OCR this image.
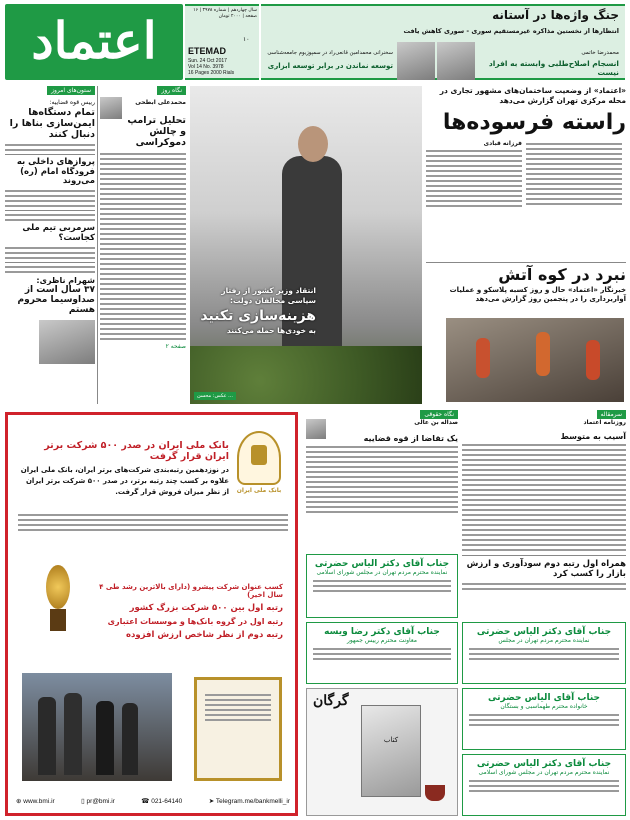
اعتماد
سال چهاردهم | شماره ۳۹۷۸ | ۱۶ صفحه | ۲۰۰۰ تومان
۱۰
ETEMAD
Sun. 24 Oct 2017
Vol 14 No. 3978
16 Pages 2000 Rials
جنگ واژه‌ها در آستانه
انتظارها از نخستین مذاکره غیرمستقیم سوری - سوری کاهش یافت
محمدرضا خاتمی
انسجام اصلاح‌طلبی وابسته به افراد نیست
سخنرانی محمدامین قانعی‌راد در سمپوزیوم جامعه‌شناسی
توسعه نماندن در برابر توسعه ابزاری
ستون‌های امروز
رییس قوه قضاییه:
تمام دستگاه‌ها ایمن‌سازی بناها را دنبال کنند
پروازهای داخلی به فرودگاه امام (ره) می‌روند
سرمربی تیم ملی کجاست؟
شهرام ناظری:
۳۷ سال است از صداوسیما محروم هستم
نگاه روز
محمدعلی ابطحی
تحلیل ترامپ و چالش دموکراسی
صفحه ۲
انتقاد وزیر کشور از رفتار سیاسی مخالفان دولت:
هزینه‌سازی تکنید
به خودی‌ها حمله می‌کنند
عکس: محسن ...
«اعتماد» از وضعیت ساختمان‌های مشهور تجاری در محله مرکزی تهران گزارش می‌دهد
راسته فرسوده‌ها
فرزانه قبادی
نبرد در کوه آتش
خبرنگار «اعتماد» حال و روز کسبه پلاسکو و عملیات آواربرداری را در پنجمین روز گزارش می‌دهد
بانک ملی ایران
بانک ملی ایران در صدر ۵۰۰ شرکت برتر ایران قرار گرفت
در نوزدهمین رتبه‌بندی شرکت‌های برتر ایران، بانک ملی ایران علاوه بر کسب چند رتبه برتر، در صدر ۵۰۰ شرکت برتر ایران از نظر میزان فروش قرار گرفت.
کسب عنوان شرکت پیشرو (دارای بالاترین رشد طی ۴ سال اخیر)
رتبه اول بین ۵۰۰ شرکت بزرگ کشور
رتبه اول در گروه بانک‌ها و موسسات اعتباری
رتبه دوم از نظر شاخص ارزش افزوده
⊕ www.bmi.ir	▯ pr@bmi.ir	☎ 021-64140	➤ Telegram.me/bankmelli_ir
نگاه حقوقی
صداله بن عالی
یک تقاضا از قوه قضاییه
سرمقاله
روزنامه اعتماد
آسیب به متوسط
همراه اول رتبه دوم سودآوری و ارزش بازار را کسب کرد
جناب آقای دکتر الیاس حضرتی
نماینده محترم مردم تهران در مجلس شورای اسلامی
جناب آقای دکتر رضا ویسه
معاونت محترم رییس جمهور
جناب آقای دکتر الیاس حضرتی
نماینده محترم مردم تهران در مجلس
جناب آقای الیاس حضرتی
خانواده محترم طهماسبی و بستگان
جناب آقای دکتر الیاس حضرتی
نماینده محترم مردم تهران در مجلس شورای اسلامی
گرگان
کتاب
